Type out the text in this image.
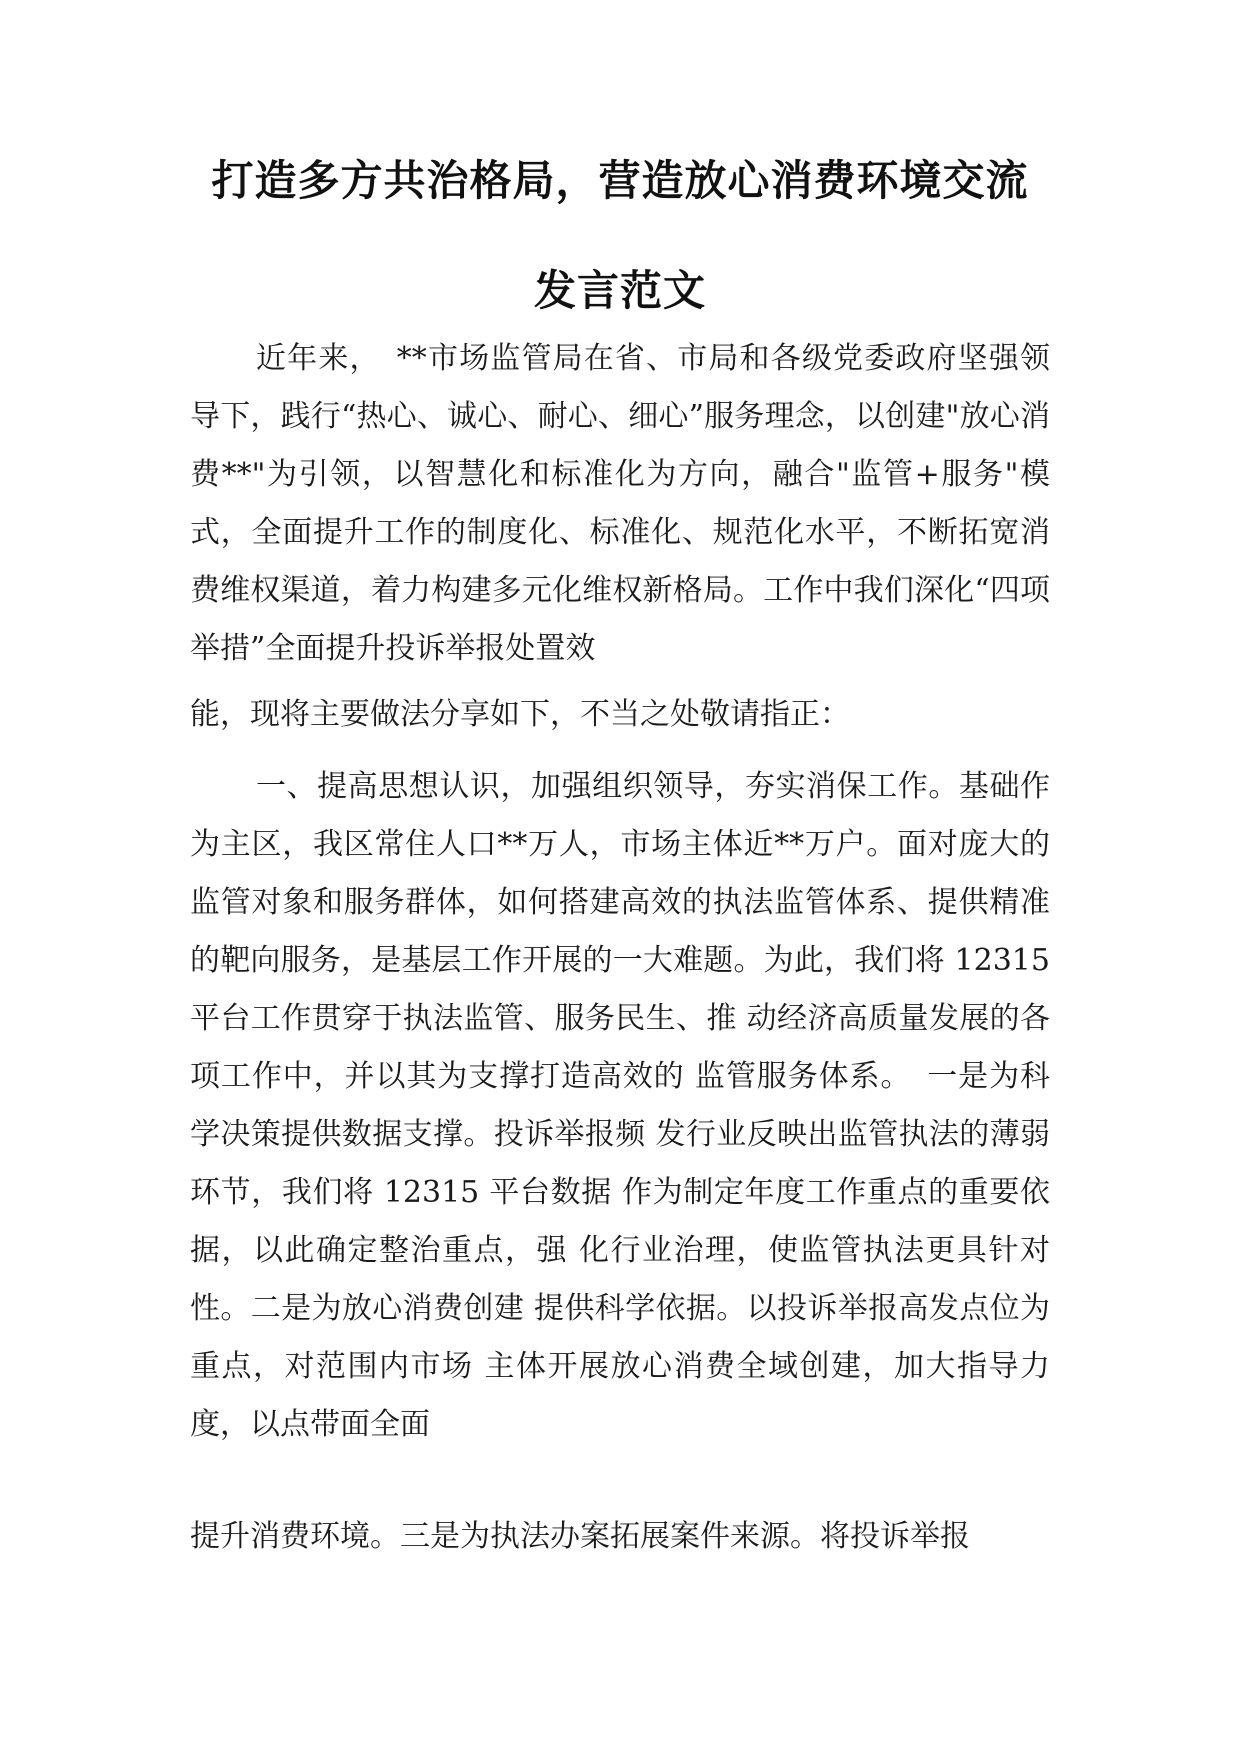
打造多方共治格局，营造放心消费环境交流
发言范文

近年来，　**市场监管局在省、市局和各级党委政府坚强领导下，践行“热心、诚心、耐心、细心”服务理念，以创建"放心消费**"为引领，以智慧化和标准化为方向，融合"监管+服务"模式，全面提升工作的制度化、标准化、规范化水平，不断拓宽消费维权渠道，着力构建多元化维权新格局。工作中我们深化“四项举措”全面提升投诉举报处置效

能，现将主要做法分享如下，不当之处敬请指正：

一、提高思想认识，加强组织领导，夯实消保工作。基础作为主区，我区常住人口**万人，市场主体近**万户。面对庞大的监管对象和服务群体，如何搭建高效的执法监管体系、提供精准的靶向服务，是基层工作开展的一大难题。为此，我们将 12315 平台工作贯穿于执法监管、服务民生、推 动经济高质量发展的各项工作中，并以其为支撑打造高效的 监管服务体系。　一是为科学决策提供数据支撑。投诉举报频 发行业反映出监管执法的薄弱环节，我们将 12315 平台数据 作为制定年度工作重点的重要依据，以此确定整治重点，强 化行业治理，使监管执法更具针对性。二是为放心消费创建 提供科学依据。以投诉举报高发点位为重点，对范围内市场 主体开展放心消费全域创建，加大指导力度，以点带面全面

提升消费环境。三是为执法办案拓展案件来源。将投诉举报
